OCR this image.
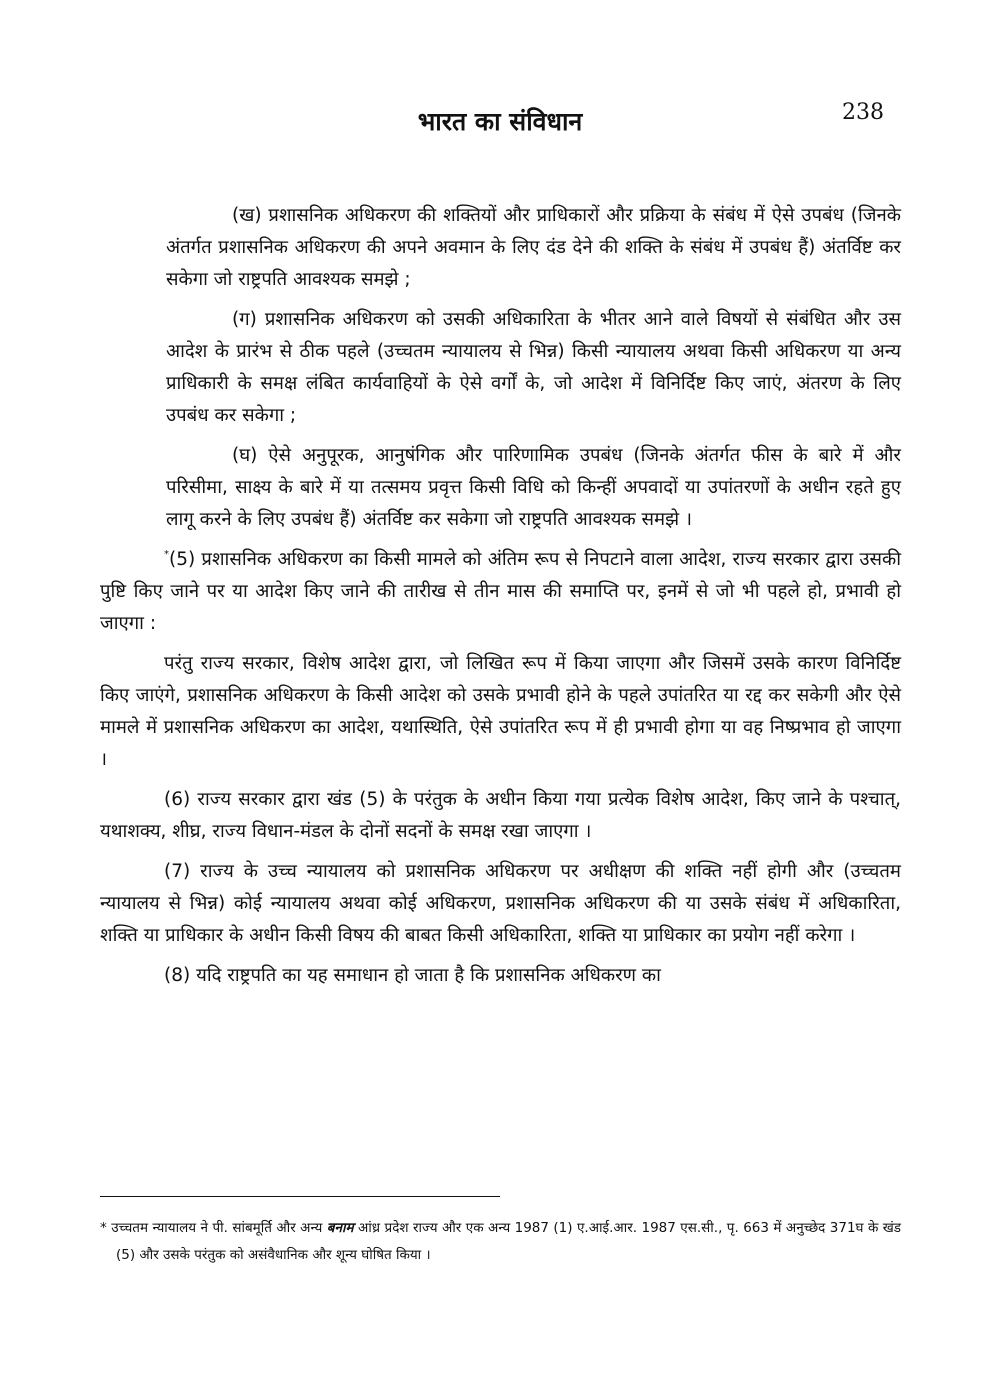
238
भारत का संविधान

(ख) प्रशासनिक अधिकरण की शक्तियों और प्राधिकारों और प्रक्रिया के संबंध में ऐसे उपबंध (जिनके अंतर्गत प्रशासनिक अधिकरण की अपने अवमान के लिए दंड देने की शक्ति के संबंध में उपबंध हैं) अंतर्विष्ट कर सकेगा जो राष्ट्रपति आवश्यक समझे ;

(ग) प्रशासनिक अधिकरण को उसकी अधिकारिता के भीतर आने वाले विषयों से संबंधित और उस आदेश के प्रारंभ से ठीक पहले (उच्चतम न्यायालय से भिन्न) किसी न्यायालय अथवा किसी अधिकरण या अन्य प्राधिकारी के समक्ष लंबित कार्यवाहियों के ऐसे वर्गों के, जो आदेश में विनिर्दिष्ट किए जाएं, अंतरण के लिए उपबंध कर सकेगा ;

(घ) ऐसे अनुपूरक, आनुषंगिक और पारिणामिक उपबंध (जिनके अंतर्गत फीस के बारे में और परिसीमा, साक्ष्य के बारे में या तत्समय प्रवृत्त किसी विधि को किन्हीं अपवादों या उपांतरणों के अधीन रहते हुए लागू करने के लिए उपबंध हैं) अंतर्विष्ट कर सकेगा जो राष्ट्रपति आवश्यक समझे ।

*(5) प्रशासनिक अधिकरण का किसी मामले को अंतिम रूप से निपटाने वाला आदेश, राज्य सरकार द्वारा उसकी पुष्टि किए जाने पर या आदेश किए जाने की तारीख से तीन मास की समाप्ति पर, इनमें से जो भी पहले हो, प्रभावी हो जाएगा :

परंतु राज्य सरकार, विशेष आदेश द्वारा, जो लिखित रूप में किया जाएगा और जिसमें उसके कारण विनिर्दिष्ट किए जाएंगे, प्रशासनिक अधिकरण के किसी आदेश को उसके प्रभावी होने के पहले उपांतरित या रद्द कर सकेगी और ऐसे मामले में प्रशासनिक अधिकरण का आदेश, यथास्थिति, ऐसे उपांतरित रूप में ही प्रभावी होगा या वह निष्प्रभाव हो जाएगा ।

(6) राज्य सरकार द्वारा खंड (5) के परंतुक के अधीन किया गया प्रत्येक विशेष आदेश, किए जाने के पश्चात्, यथाशक्य, शीघ्र, राज्य विधान-मंडल के दोनों सदनों के समक्ष रखा जाएगा ।

(7) राज्य के उच्च न्यायालय को प्रशासनिक अधिकरण पर अधीक्षण की शक्ति नहीं होगी और (उच्चतम न्यायालय से भिन्न) कोई न्यायालय अथवा कोई अधिकरण, प्रशासनिक अधिकरण की या उसके संबंध में अधिकारिता, शक्ति या प्राधिकार के अधीन किसी विषय की बाबत किसी अधिकारिता, शक्ति या प्राधिकार का प्रयोग नहीं करेगा ।

(8) यदि राष्ट्रपति का यह समाधान हो जाता है कि प्रशासनिक अधिकरण का

* उच्चतम न्यायालय ने पी. सांबमूर्ति और अन्य बनाम आंध्र प्रदेश राज्य और एक अन्य 1987 (1) ए.आई.आर. 1987 एस.सी., पृ. 663 में अनुच्छेद 371घ के खंड (5) और उसके परंतुक को असंवैधानिक और शून्य घोषित किया ।
